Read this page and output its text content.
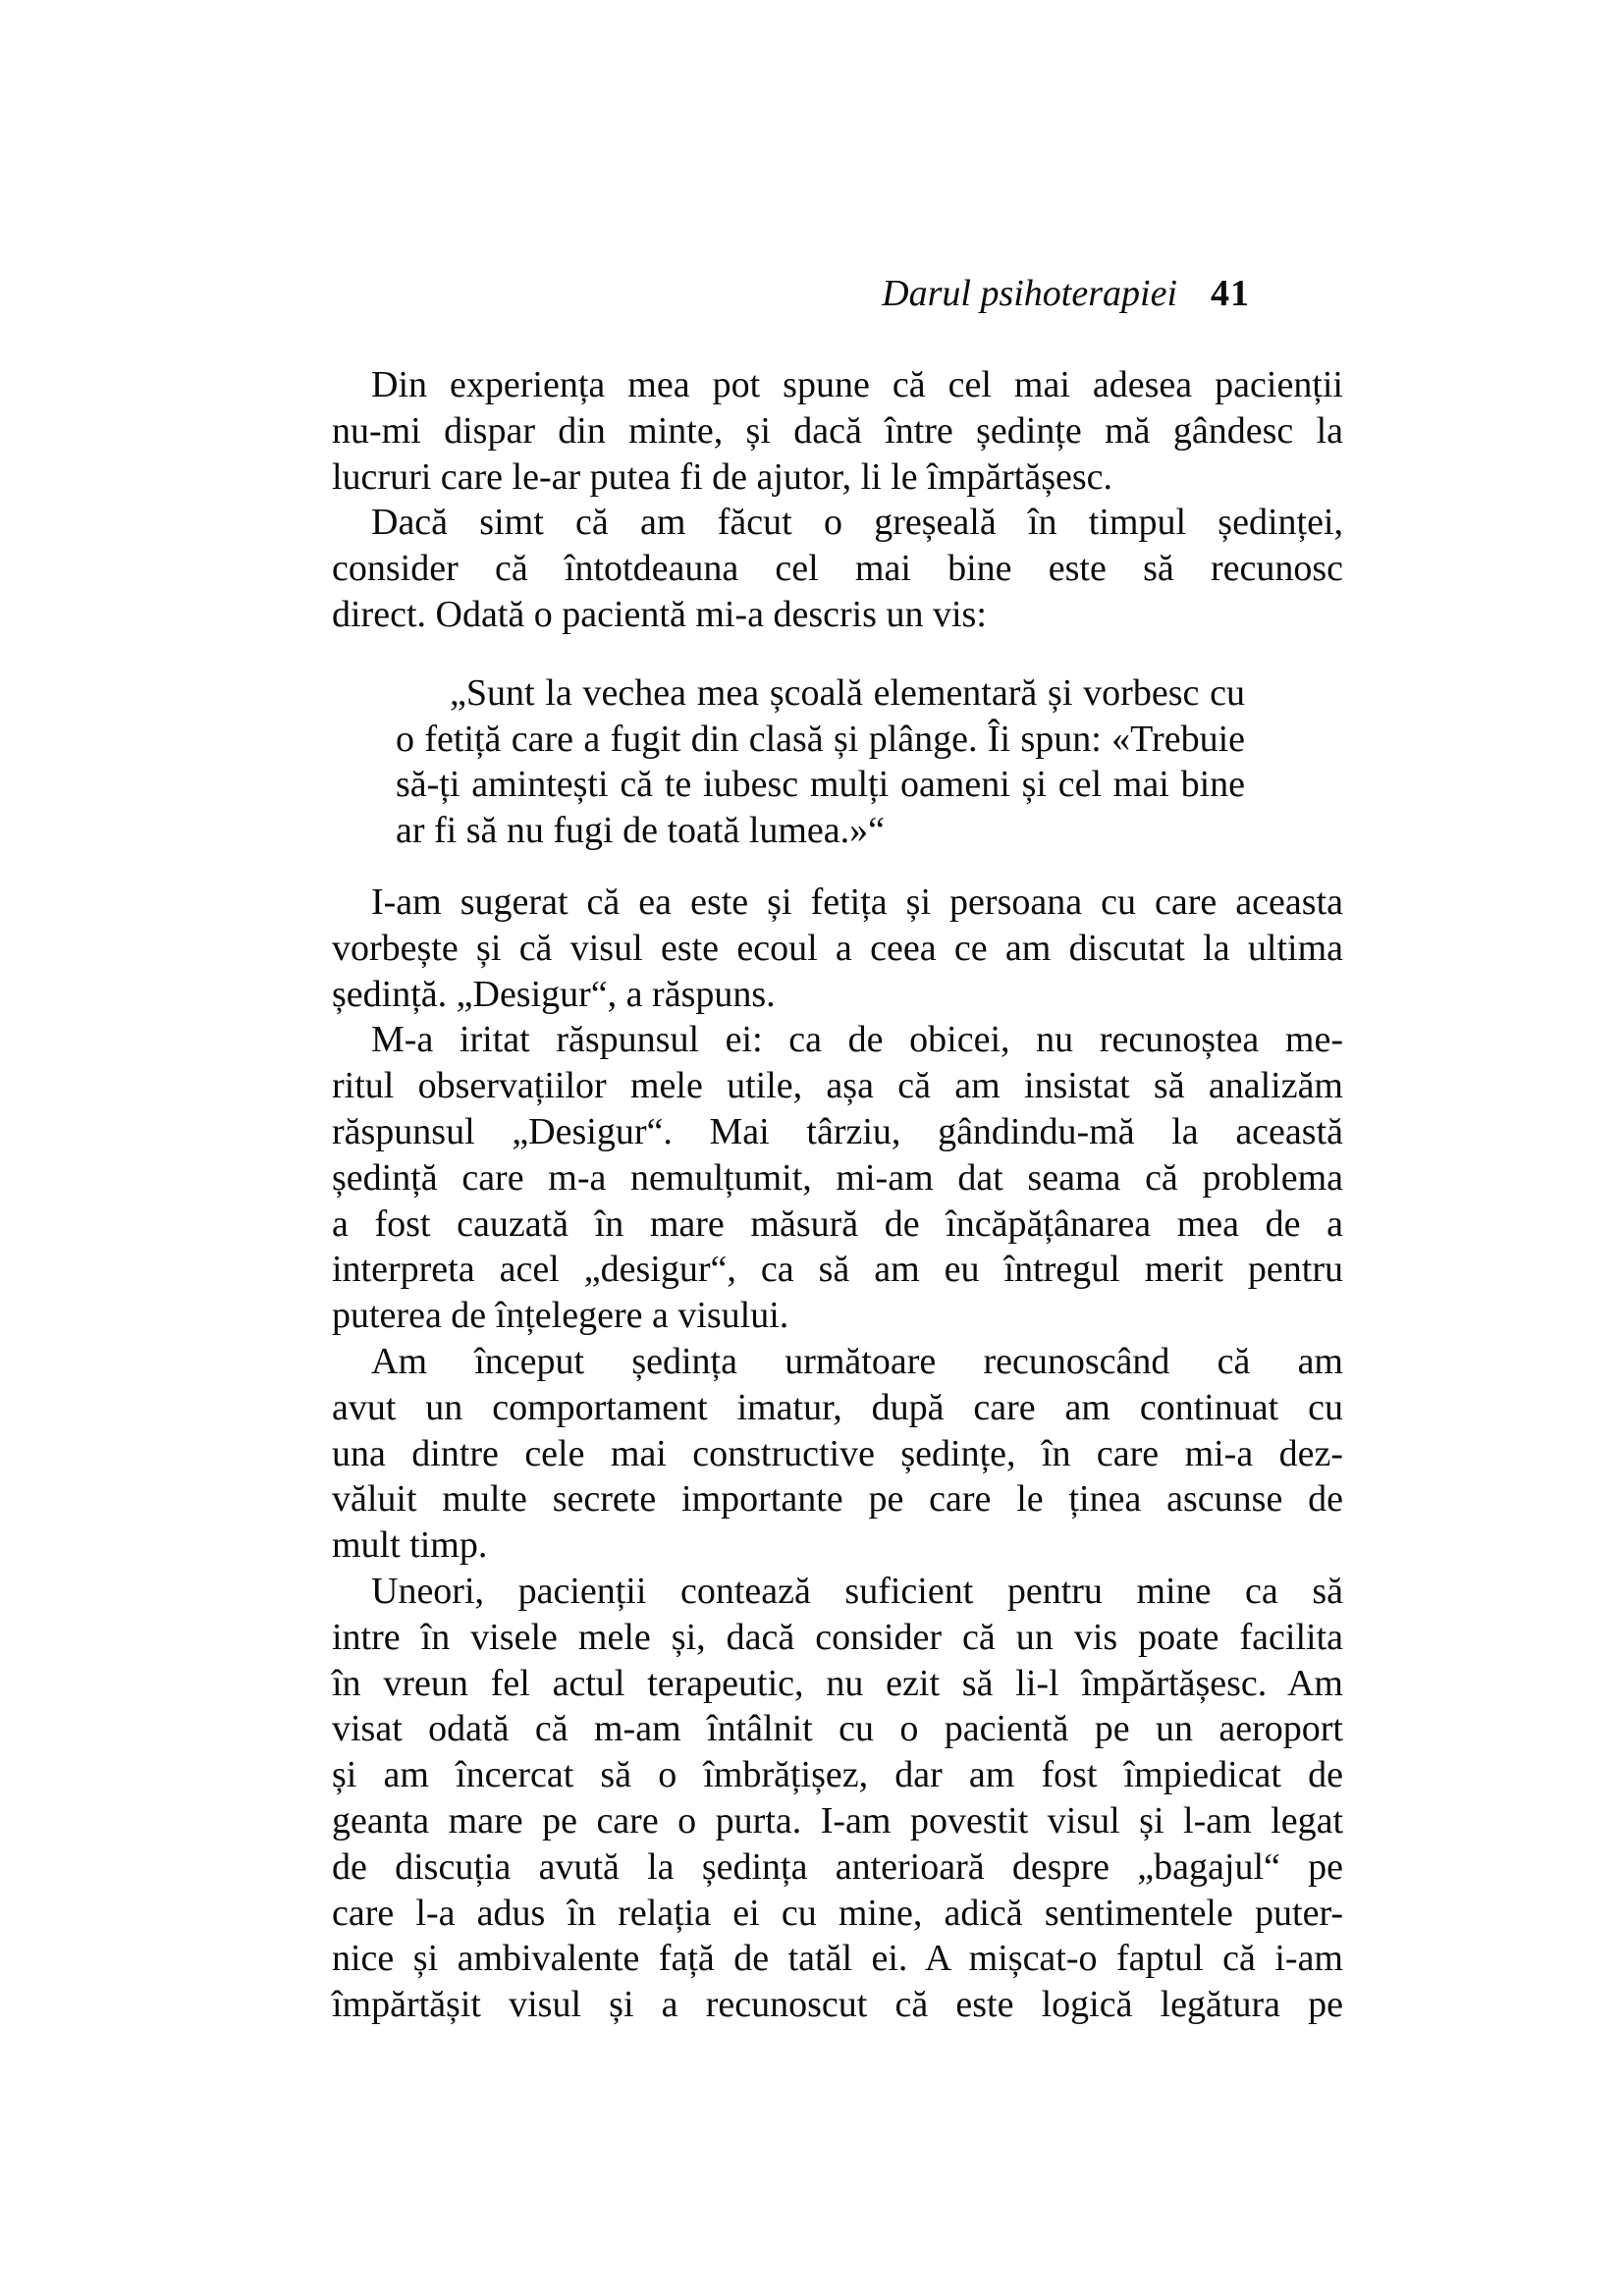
Darul psihoterapiei 41
Din experiența mea pot spune că cel mai adesea pacienții
nu-mi dispar din minte, și dacă între ședințe mă gândesc la
lucruri care le-ar putea fi de ajutor, li le împărtășesc.
Dacă simt că am făcut o greșeală în timpul ședinței,
consider că întotdeauna cel mai bine este să recunosc
direct. Odată o pacientă mi-a descris un vis:
„Sunt la vechea mea școală elementară și vorbesc cu
o fetiță care a fugit din clasă și plânge. Îi spun: «Trebuie
să-ți amintești că te iubesc mulți oameni și cel mai bine
ar fi să nu fugi de toată lumea.»“
I-am sugerat că ea este și fetița și persoana cu care aceasta
vorbește și că visul este ecoul a ceea ce am discutat la ultima
ședință. „Desigur“, a răspuns.
M-a iritat răspunsul ei: ca de obicei, nu recunoștea me-
ritul observațiilor mele utile, așa că am insistat să analizăm
răspunsul „Desigur“. Mai târziu, gândindu-mă la această
ședință care m-a nemulțumit, mi-am dat seama că problema
a fost cauzată în mare măsură de încăpățânarea mea de a
interpreta acel „desigur“, ca să am eu întregul merit pentru
puterea de înțelegere a visului.
Am început ședința următoare recunoscând că am
avut un comportament imatur, după care am continuat cu
una dintre cele mai constructive ședințe, în care mi-a dez-
văluit multe secrete importante pe care le ținea ascunse de
mult timp.
Uneori, pacienții contează suficient pentru mine ca să
intre în visele mele și, dacă consider că un vis poate facilita
în vreun fel actul terapeutic, nu ezit să li-l împărtășesc. Am
visat odată că m-am întâlnit cu o pacientă pe un aeroport
și am încercat să o îmbrățișez, dar am fost împiedicat de
geanta mare pe care o purta. I-am povestit visul și l-am legat
de discuția avută la ședința anterioară despre „bagajul“ pe
care l-a adus în relația ei cu mine, adică sentimentele puter-
nice și ambivalente față de tatăl ei. A mișcat-o faptul că i-am
împărtășit visul și a recunoscut că este logică legătura pe
